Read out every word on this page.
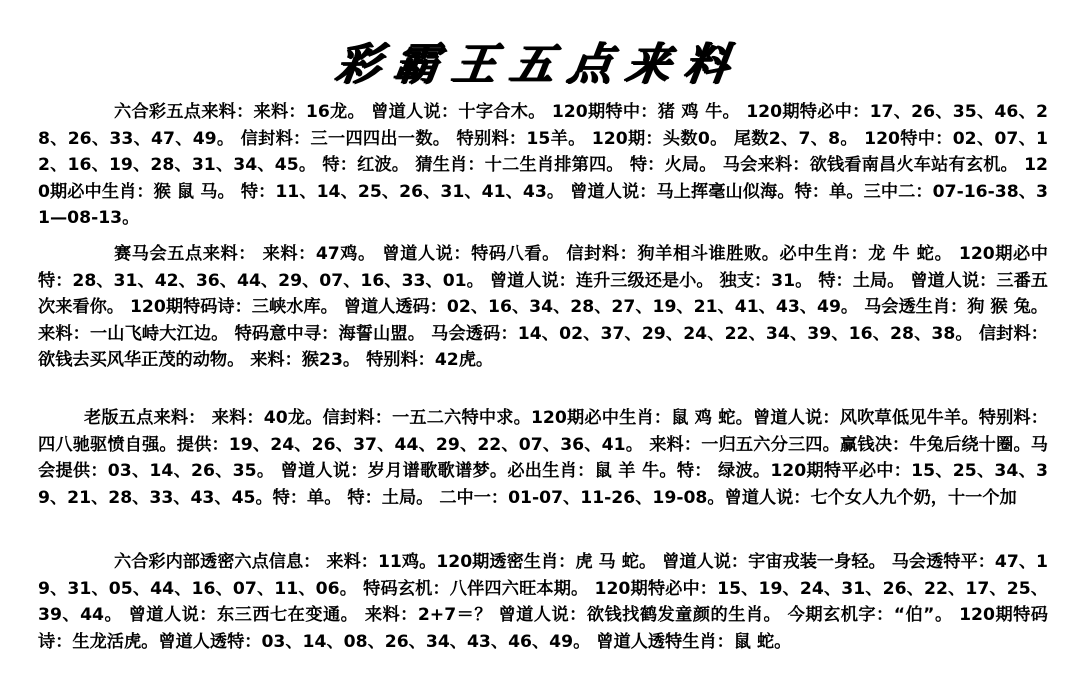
彩霸王五点来料

六合彩五点来料：来料：16龙。 曾道人说：十字合木。 120期特中：猪 鸡 牛。 120期特必中：17、26、35、46、28、26、33、47、49。 信封料：三一四四出一数。 特别料：15羊。 120期：头数0。 尾数2、7、8。 120特中：02、07、12、16、19、28、31、34、45。 特：红波。 猜生肖：十二生肖排第四。 特：火局。 马会来料：欲钱看南昌火车站有玄机。 120期必中生肖：猴 鼠 马。 特：11、14、25、26、31、41、43。 曾道人说：马上挥毫山似海。特：单。三中二：07-16-38、31—08-13。

赛马会五点来料： 来料：47鸡。 曾道人说：特码八看。 信封料：狗羊相斗谁胜败。必中生肖：龙 牛 蛇。 120期必中特：28、31、42、36、44、29、07、16、33、01。 曾道人说：连升三级还是小。 独支：31。 特：土局。 曾道人说：三番五次来看你。 120期特码诗：三峡水库。 曾道人透码：02、16、34、28、27、19、21、41、43、49。 马会透生肖：狗 猴 兔。 来料：一山飞峙大江边。 特码意中寻：海誓山盟。 马会透码：14、02、37、29、24、22、34、39、16、28、38。 信封料：欲钱去买风华正茂的动物。 来料：猴23。 特别料：42虎。

老版五点来料： 来料：40龙。信封料：一五二六特中求。120期必中生肖：鼠 鸡 蛇。曾道人说：风吹草低见牛羊。特别料：四八驰驱愤自强。提供：19、24、26、37、44、29、22、07、36、41。 来料：一归五六分三四。赢钱决：牛兔后绕十圈。马会提供：03、14、26、35。 曾道人说：岁月谱歌歌谱梦。必出生肖：鼠 羊 牛。特： 绿波。120期特平必中：15、25、34、39、21、28、33、43、45。特：单。 特：土局。 二中一：01-07、11-26、19-08。曾道人说：七个女人九个奶，十一个加

六合彩内部透密六点信息： 来料：11鸡。120期透密生肖：虎 马 蛇。 曾道人说：宇宙戎装一身轻。 马会透特平：47、19、31、05、44、16、07、11、06。 特码玄机：八伴四六旺本期。 120期特必中：15、19、24、31、26、22、17、25、39、44。 曾道人说：东三西七在变通。 来料：2+7＝？ 曾道人说：欲钱找鹤发童颜的生肖。 今期玄机字：“伯”。 120期特码诗：生龙活虎。曾道人透特：03、14、08、26、34、43、46、49。 曾道人透特生肖：鼠 蛇。
